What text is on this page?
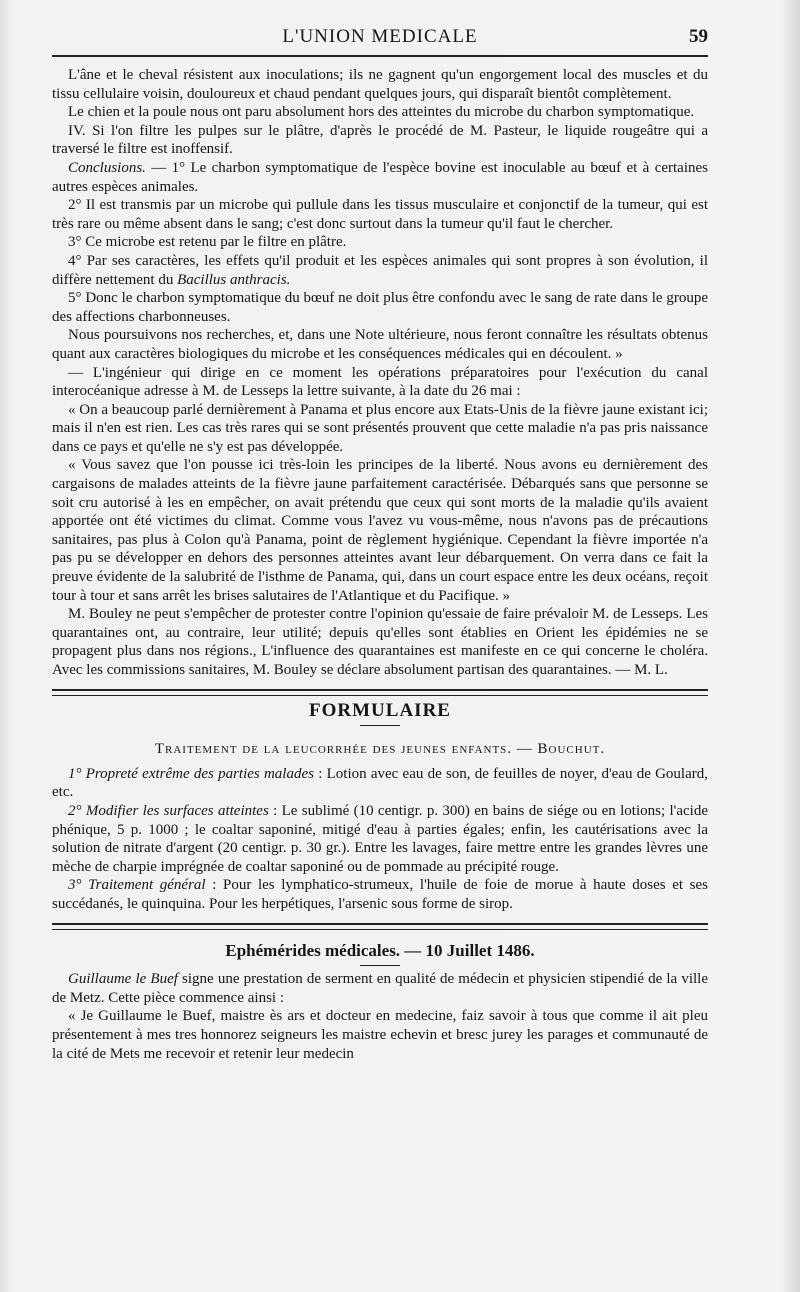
L'UNION MEDICALE	59

L'âne et le cheval résistent aux inoculations; ils ne gagnent qu'un engorgement local des muscles et du tissu cellulaire voisin, douloureux et chaud pendant quelques jours, qui disparaît bientôt complètement.

Le chien et la poule nous ont paru absolument hors des atteintes du microbe du charbon symptomatique.

IV. Si l'on filtre les pulpes sur le plâtre, d'après le procédé de M. Pasteur, le liquide rougeâtre qui a traversé le filtre est inoffensif.

Conclusions. — 1° Le charbon symptomatique de l'espèce bovine est inoculable au bœuf et à certaines autres espèces animales.

2° Il est transmis par un microbe qui pullule dans les tissus musculaire et conjonctif de la tumeur, qui est très rare ou même absent dans le sang; c'est donc surtout dans la tumeur qu'il faut le chercher.

3° Ce microbe est retenu par le filtre en plâtre.

4° Par ses caractères, les effets qu'il produit et les espèces animales qui sont propres à son évolution, il diffère nettement du Bacillus anthracis.

5° Donc le charbon symptomatique du bœuf ne doit plus être confondu avec le sang de rate dans le groupe des affections charbonneuses.

Nous poursuivons nos recherches, et, dans une Note ultérieure, nous feront connaître les résultats obtenus quant aux caractères biologiques du microbe et les conséquences médicales qui en découlent. »

— L'ingénieur qui dirige en ce moment les opérations préparatoires pour l'exécution du canal interocéanique adresse à M. de Lesseps la lettre suivante, à la date du 26 mai :

« On a beaucoup parlé dernièrement à Panama et plus encore aux Etats-Unis de la fièvre jaune existant ici; mais il n'en est rien. Les cas très rares qui se sont présentés prouvent que cette maladie n'a pas pris naissance dans ce pays et qu'elle ne s'y est pas développée.

« Vous savez que l'on pousse ici très-loin les principes de la liberté. Nous avons eu dernièrement des cargaisons de malades atteints de la fièvre jaune parfaitement caractérisée. Débarqués sans que personne se soit cru autorisé à les en empêcher, on avait prétendu que ceux qui sont morts de la maladie qu'ils avaient apportée ont été victimes du climat. Comme vous l'avez vu vous-même, nous n'avons pas de précautions sanitaires, pas plus à Colon qu'à Panama, point de règlement hygiénique. Cependant la fièvre importée n'a pas pu se développer en dehors des personnes atteintes avant leur débarquement. On verra dans ce fait la preuve évidente de la salubrité de l'isthme de Panama, qui, dans un court espace entre les deux océans, reçoit tour à tour et sans arrêt les brises salutaires de l'Atlantique et du Pacifique. »

M. Bouley ne peut s'empêcher de protester contre l'opinion qu'essaie de faire prévaloir M. de Lesseps. Les quarantaines ont, au contraire, leur utilité; depuis qu'elles sont établies en Orient les épidémies ne se propagent plus dans nos régions., L'influence des quarantaines est manifeste en ce qui concerne le choléra. Avec les commissions sanitaires, M. Bouley se déclare absolument partisan des quarantaines. — M. L.

FORMULAIRE
Traitement de la leucorrhée des jeunes enfants. — Bouchut.

1° Propreté extrême des parties malades : Lotion avec eau de son, de feuilles de noyer, d'eau de Goulard, etc.

2° Modifier les surfaces atteintes : Le sublimé (10 centigr. p. 300) en bains de siége ou en lotions; l'acide phénique, 5 p. 1000 ; le coaltar saponiné, mitigé d'eau à parties égales; enfin, les cautérisations avec la solution de nitrate d'argent (20 centigr. p. 30 gr.). Entre les lavages, faire mettre entre les grandes lèvres une mèche de charpie imprégnée de coaltar saponiné ou de pommade au précipité rouge.

3° Traitement général : Pour les lymphatico-strumeux, l'huile de foie de morue à haute doses et ses succédanés, le quinquina. Pour les herpétiques, l'arsenic sous forme de sirop.

Ephémérides médicales. — 10 Juillet 1486.

Guillaume le Buef signe une prestation de serment en qualité de médecin et physicien stipendié de la ville de Metz. Cette pièce commence ainsi :

« Je Guillaume le Buef, maistre ès ars et docteur en medecine, faiz savoir à tous que comme il ait pleu présentement à mes tres honnorez seigneurs les maistre echevin et bresc jurey les parages et communauté de la cité de Mets me recevoir et retenir leur medecin
